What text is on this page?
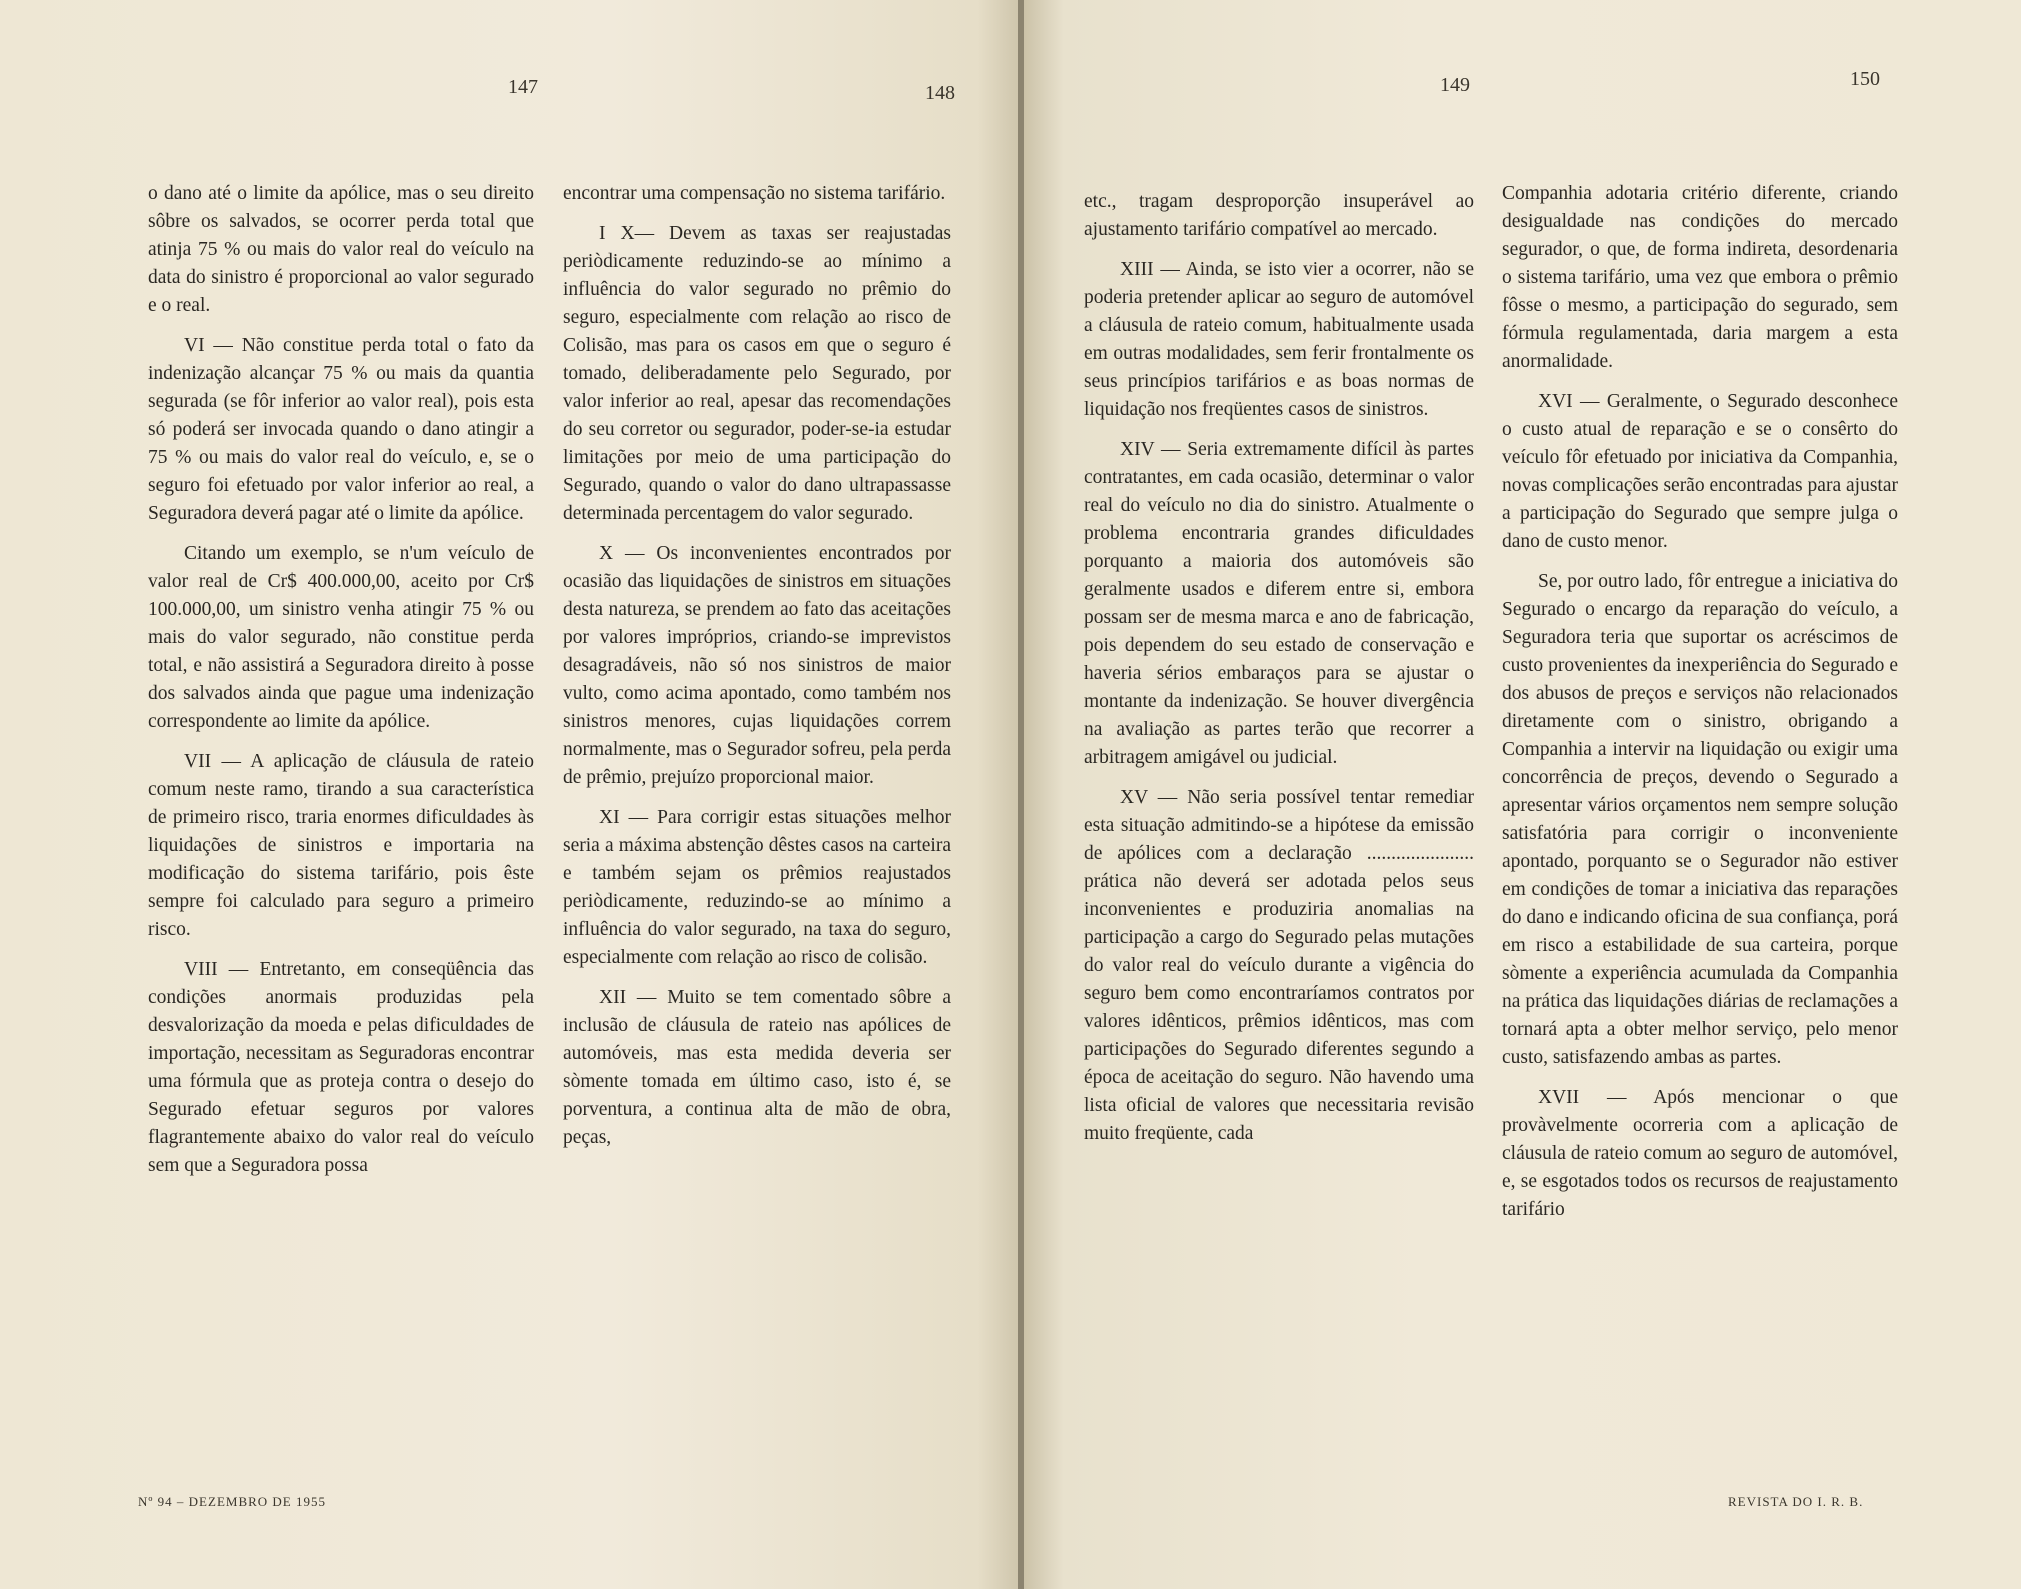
147	148	149	150

o dano até o limite da apólice, mas o seu direito sôbre os salvados, se ocorrer perda total que atinja 75 % ou mais do valor real do veículo na data do sinistro é proporcional ao valor segurado e o real.

VI — Não constitue perda total o fato da indenização alcançar 75 % ou mais da quantia segurada (se fôr inferior ao valor real), pois esta só poderá ser invocada quando o dano atingir a 75 % ou mais do valor real do veículo, e, se o seguro foi efetuado por valor inferior ao real, a Seguradora deverá pagar até o limite da apólice.

Citando um exemplo, se n'um veículo de valor real de Cr$ 400.000,00, aceito por Cr$ 100.000,00, um sinistro venha atingir 75 % ou mais do valor segurado, não constitue perda total, e não assistirá a Seguradora direito à posse dos salvados ainda que pague uma indenização correspondente ao limite da apólice.

VII — A aplicação de cláusula de rateio comum neste ramo, tirando a sua característica de primeiro risco, traria enormes dificuldades às liquidações de sinistros e importaria na modificação do sistema tarifário, pois êste sempre foi calculado para seguro a primeiro risco.

VIII — Entretanto, em conseqüência das condições anormais produzidas pela desvalorização da moeda e pelas dificuldades de importação, necessitam as Seguradoras encontrar uma fórmula que as proteja contra o desejo do Segurado efetuar seguros por valores flagrantemente abaixo do valor real do veículo sem que a Seguradora possa

encontrar uma compensação no sistema tarifário.

I X— Devem as taxas ser reajustadas periòdicamente reduzindo-se ao mínimo a influência do valor segurado no prêmio do seguro, especialmente com relação ao risco de Colisão, mas para os casos em que o seguro é tomado, deliberadamente pelo Segurado, por valor inferior ao real, apesar das recomendações do seu corretor ou segurador, poder-se-ia estudar limitações por meio de uma participação do Segurado, quando o valor do dano ultrapassasse determinada percentagem do valor segurado.

X — Os inconvenientes encontrados por ocasião das liquidações de sinistros em situações desta natureza, se prendem ao fato das aceitações por valores impróprios, criando-se imprevistos desagradáveis, não só nos sinistros de maior vulto, como acima apontado, como também nos sinistros menores, cujas liquidações correm normalmente, mas o Segurador sofreu, pela perda de prêmio, prejuízo proporcional maior.

XI — Para corrigir estas situações melhor seria a máxima abstenção dêstes casos na carteira e também sejam os prêmios reajustados periòdicamente, reduzindo-se ao mínimo a influência do valor segurado, na taxa do seguro, especialmente com relação ao risco de colisão.

XII — Muito se tem comentado sôbre a inclusão de cláusula de rateio nas apólices de automóveis, mas esta medida deveria ser sòmente tomada em último caso, isto é, se porventura, a continua alta de mão de obra, peças,

etc., tragam desproporção insuperável ao ajustamento tarifário compatível ao mercado.

XIII — Ainda, se isto vier a ocorrer, não se poderia pretender aplicar ao seguro de automóvel a cláusula de rateio comum, habitualmente usada em outras modalidades, sem ferir frontalmente os seus princípios tarifários e as boas normas de liquidação nos freqüentes casos de sinistros.

XIV — Seria extremamente difícil às partes contratantes, em cada ocasião, determinar o valor real do veículo no dia do sinistro. Atualmente o problema encontraria grandes dificuldades porquanto a maioria dos automóveis são geralmente usados e diferem entre si, embora possam ser de mesma marca e ano de fabricação, pois dependem do seu estado de conservação e haveria sérios embaraços para se ajustar o montante da indenização. Se houver divergência na avaliação as partes terão que recorrer a arbitragem amigável ou judicial.

XV — Não seria possível tentar remediar esta situação admitindo-se a hipótese da emissão de apólices com a declaração ...................... prática não deverá ser adotada pelos seus inconvenientes e produziria anomalias na participação a cargo do Segurado pelas mutações do valor real do veículo durante a vigência do seguro bem como encontraríamos contratos por valores idênticos, prêmios idênticos, mas com participações do Segurado diferentes segundo a época de aceitação do seguro. Não havendo uma lista oficial de valores que necessitaria revisão muito freqüente, cada

Companhia adotaria critério diferente, criando desigualdade nas condições do mercado segurador, o que, de forma indireta, desordenaria o sistema tarifário, uma vez que embora o prêmio fôsse o mesmo, a participação do segurado, sem fórmula regulamentada, daria margem a esta anormalidade.

XVI — Geralmente, o Segurado desconhece o custo atual de reparação e se o consêrto do veículo fôr efetuado por iniciativa da Companhia, novas complicações serão encontradas para ajustar a participação do Segurado que sempre julga o dano de custo menor.

Se, por outro lado, fôr entregue a iniciativa do Segurado o encargo da reparação do veículo, a Seguradora teria que suportar os acréscimos de custo provenientes da inexperiência do Segurado e dos abusos de preços e serviços não relacionados diretamente com o sinistro, obrigando a Companhia a intervir na liquidação ou exigir uma concorrência de preços, devendo o Segurado a apresentar vários orçamentos nem sempre solução satisfatória para corrigir o inconveniente apontado, porquanto se o Segurador não estiver em condições de tomar a iniciativa das reparações do dano e indicando oficina de sua confiança, porá em risco a estabilidade de sua carteira, porque sòmente a experiência acumulada da Companhia na prática das liquidações diárias de reclamações a tornará apta a obter melhor serviço, pelo menor custo, satisfazendo ambas as partes.

XVII — Após mencionar o que provàvelmente ocorreria com a aplicação de cláusula de rateio comum ao seguro de automóvel, e, se esgotados todos os recursos de reajustamento tarifário

Nº 94 – DEZEMBRO DE 1955	REVISTA DO I. R. B.
